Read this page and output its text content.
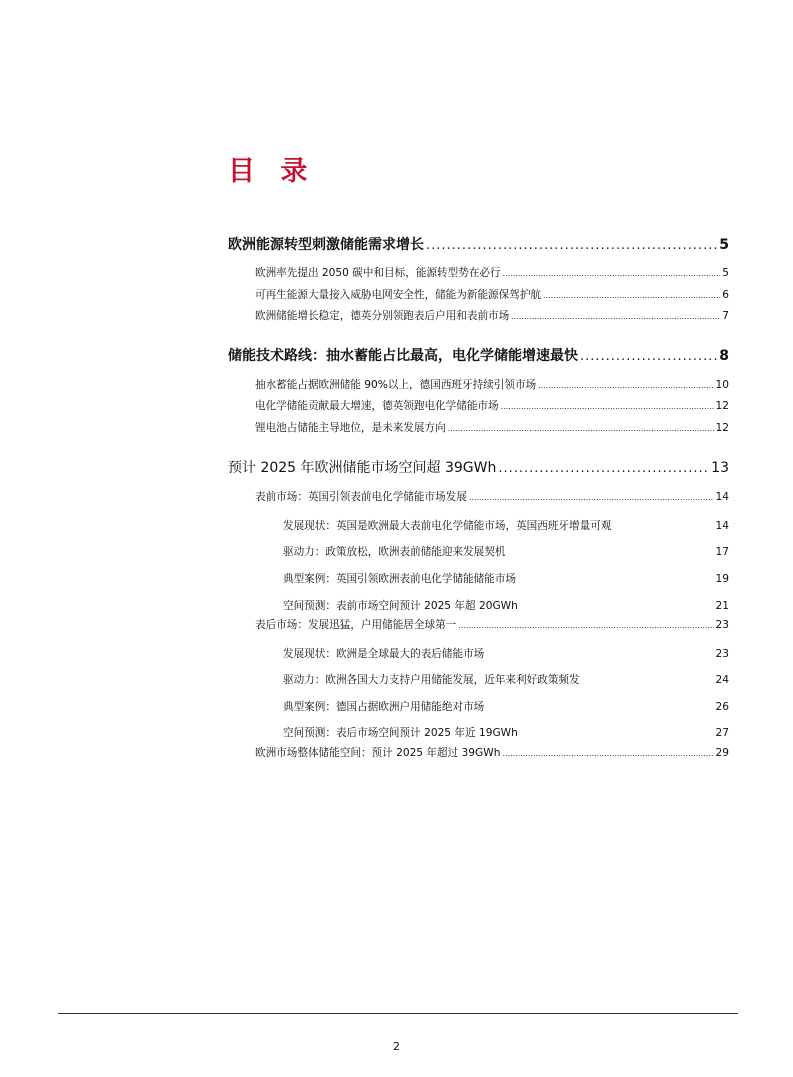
目 录
欧洲能源转型刺激储能需求增长 .....	5
欧洲率先提出 2050 碳中和目标，能源转型势在必行 .....	5
可再生能源大量接入威胁电网安全性，储能为新能源保驾护航 .....	6
欧洲储能增长稳定，德英分别领跑表后户用和表前市场 .....	7
储能技术路线：抽水蓄能占比最高，电化学储能增速最快 .....	8
抽水蓄能占据欧洲储能 90%以上，德国西班牙持续引领市场 .....	10
电化学储能贡献最大增速，德英领跑电化学储能市场 .....	12
锂电池占储能主导地位，是未来发展方向 .....	12
预计 2025 年欧洲储能市场空间超 39GWh .....	13
表前市场：英国引领表前电化学储能市场发展 .....	14
发展现状：英国是欧洲最大表前电化学储能市场，英国西班牙增量可观	14
驱动力：政策放松，欧洲表前储能迎来发展契机	17
典型案例：英国引领欧洲表前电化学储能储能市场	19
空间预测：表前市场空间预计 2025 年超 20GWh	21
表后市场：发展迅猛，户用储能居全球第一 .....	23
发展现状：欧洲是全球最大的表后储能市场	23
驱动力：欧洲各国大力支持户用储能发展，近年来利好政策频发	24
典型案例：德国占据欧洲户用储能绝对市场	26
空间预测：表后市场空间预计 2025 年近 19GWh	27
欧洲市场整体储能空间：预计 2025 年超过 39GWh .....	29
2
